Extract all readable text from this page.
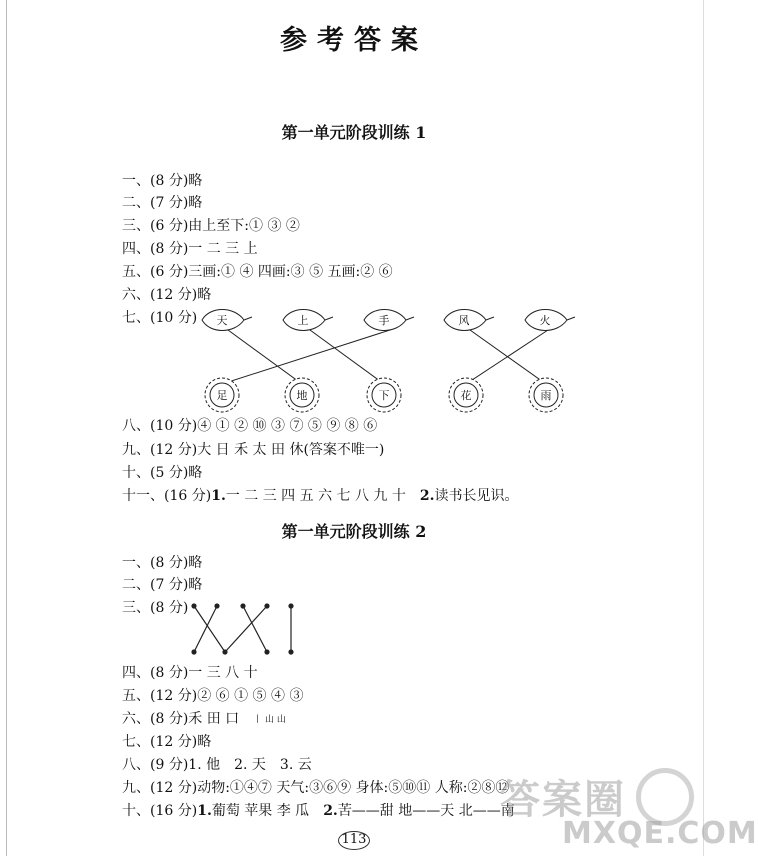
参考答案
第一单元阶段训练 1
一、(8 分)略
二、(7 分)略
三、(6 分)由上至下:① ③ ②
四、(8 分)一 二 三 上
五、(6 分)三画:① ④ 四画:③ ⑤ 五画:② ⑥
六、(12 分)略
七、(10 分) 天	上	手	风	火
足	地	下	花	雨
八、(10 分)④ ① ② ⑩ ③ ⑦ ⑤ ⑨ ⑧ ⑥
九、(12 分)大 日 禾 太 田 休(答案不唯一)
十、(5 分)略
十一、(16 分)1.一 二 三 四 五 六 七 八 九 十 2.读书长见识。
第一单元阶段训练 2
一、(8 分)略
二、(7 分)略
三、(8 分)
四、(8 分)一 三 八 十
五、(12 分)② ⑥ ① ⑤ ④ ③
六、(8 分)禾 田 口 丨 山 山
七、(12 分)略
八、(9 分)1. 他 2. 天 3. 云
九、(12 分)动物:①④⑦ 天气:③⑥⑨ 身体:⑤⑩⑪ 人称:②⑧⑫
十、(16 分)1.葡萄 苹果 李 瓜 2.苦——甜 地——天 北——南
答案圈
MXQE.COM
113
